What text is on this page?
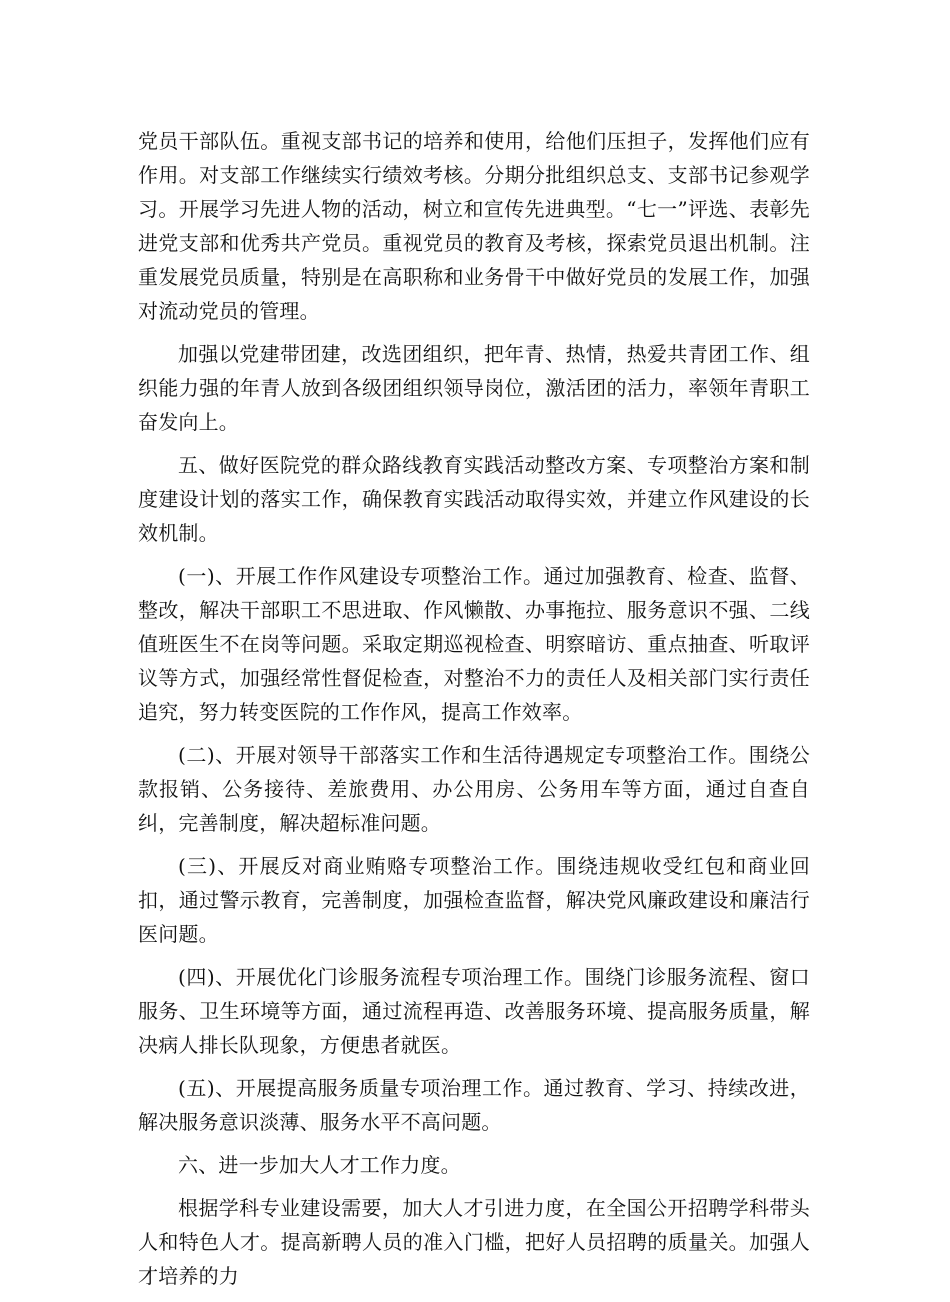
党员干部队伍。重视支部书记的培养和使用，给他们压担子，发挥他们应有作用。对支部工作继续实行绩效考核。分期分批组织总支、支部书记参观学习。开展学习先进人物的活动，树立和宣传先进典型。“七一”评选、表彰先进党支部和优秀共产党员。重视党员的教育及考核，探索党员退出机制。注重发展党员质量，特别是在高职称和业务骨干中做好党员的发展工作，加强对流动党员的管理。

加强以党建带团建，改选团组织，把年青、热情，热爱共青团工作、组织能力强的年青人放到各级团组织领导岗位，激活团的活力，率领年青职工奋发向上。

五、做好医院党的群众路线教育实践活动整改方案、专项整治方案和制度建设计划的落实工作，确保教育实践活动取得实效，并建立作风建设的长效机制。

(一)、开展工作作风建设专项整治工作。通过加强教育、检查、监督、整改，解决干部职工不思进取、作风懒散、办事拖拉、服务意识不强、二线值班医生不在岗等问题。采取定期巡视检查、明察暗访、重点抽查、听取评议等方式，加强经常性督促检查，对整治不力的责任人及相关部门实行责任追究，努力转变医院的工作作风，提高工作效率。

(二)、开展对领导干部落实工作和生活待遇规定专项整治工作。围绕公款报销、公务接待、差旅费用、办公用房、公务用车等方面，通过自查自纠，完善制度，解决超标准问题。

(三)、开展反对商业贿赂专项整治工作。围绕违规收受红包和商业回扣，通过警示教育，完善制度，加强检查监督，解决党风廉政建设和廉洁行医问题。

(四)、开展优化门诊服务流程专项治理工作。围绕门诊服务流程、窗口服务、卫生环境等方面，通过流程再造、改善服务环境、提高服务质量，解决病人排长队现象，方便患者就医。

(五)、开展提高服务质量专项治理工作。通过教育、学习、持续改进，解决服务意识淡薄、服务水平不高问题。

六、进一步加大人才工作力度。

根据学科专业建设需要，加大人才引进力度，在全国公开招聘学科带头人和特色人才。提高新聘人员的准入门槛，把好人员招聘的质量关。加强人才培养的力
